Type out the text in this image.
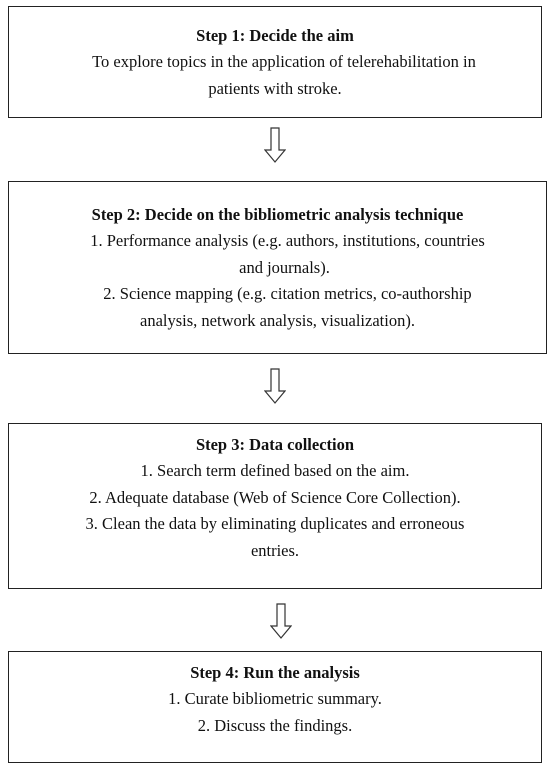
Step 1: Decide the aim

To explore topics in the application of telerehabilitation in

patients with stroke.

Step 2: Decide on the bibliometric analysis technique

1. Performance analysis (e.g. authors, institutions, countries

and journals).

2. Science mapping (e.g. citation metrics, co-authorship

analysis, network analysis, visualization).

Step 3: Data collection

1. Search term defined based on the aim.

2. Adequate database (Web of Science Core Collection).

3. Clean the data by eliminating duplicates and erroneous

entries.

Step 4: Run the analysis

1. Curate bibliometric summary.

2. Discuss the findings.
